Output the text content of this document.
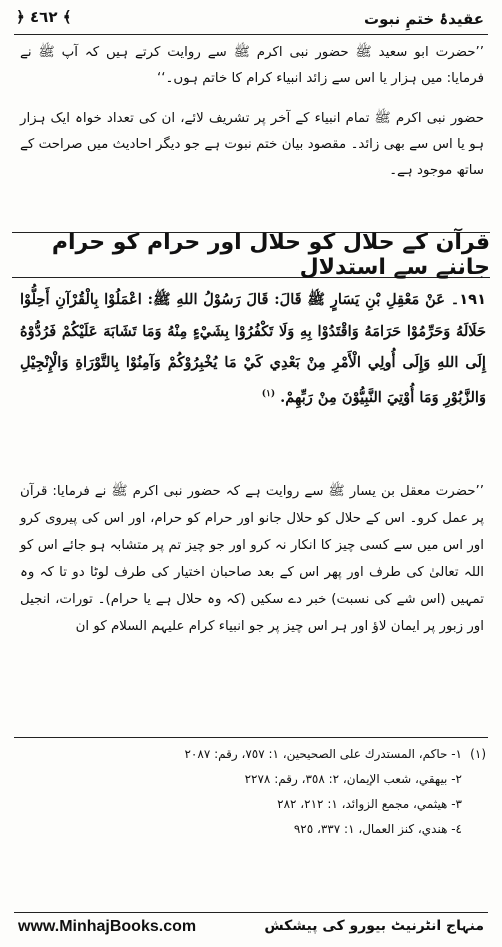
عقیدۂ ختمِ نبوت
﴿ ٤٦٢ ﴾
’’حضرت ابو سعید ﷺ حضور نبی اکرم ﷺ سے روایت کرتے ہیں کہ آپ ﷺ نے فرمایا: میں ہزار یا اس سے زائد انبیاء کرام کا خاتم ہوں۔‘‘
حضور نبی اکرم ﷺ تمام انبیاء کے آخر پر تشریف لائے، ان کی تعداد خواہ ایک ہزار ہو یا اس سے بھی زائد۔ مقصود بیان ختم نبوت ہے جو دیگر احادیث میں صراحت کے ساتھ موجود ہے۔
قرآن کے حلال کو حلال اور حرام کو حرام جاننے سے استدلال
۱۹۱۔ عَنْ مَعْقِلِ بْنِ يَسَارٍ ﷺ قَالَ: قَالَ رَسُوْلُ اللهِ ﷺ: اعْمَلُوْا بِالْقُرْآنِ أَحِلُّوْا حَلَالَهُ وَحَرِّمُوْا حَرَامَهُ وَاقْتَدُوْا بِهِ وَلَا تَكْفُرُوْا بِشَيْءٍ مِنْهُ وَمَا تَشَابَهَ عَلَيْكُمْ فَرُدُّوْهُ إِلَى اللهِ وَإِلَى أُولِي الْأَمْرِ مِنْ بَعْدِي كَيْ مَا يُخْبِرُوْكُمْ وَآمِنُوْا بِالتَّوْرَاةِ وَالْإِنْجِيْلِ وَالزَّبُوْرِ وَمَا أُوْتِيَ النَّبِيُّوْنَ مِنْ رَبِّهِمْ. $^{(١)}$
’’حضرت معقل بن یسار ﷺ سے روایت ہے کہ حضور نبی اکرم ﷺ نے فرمایا: قرآن پر عمل کرو۔ اس کے حلال کو حلال جانو اور حرام کو حرام، اور اس کی پیروی کرو اور اس میں سے کسی چیز کا انکار نہ کرو اور جو چیز تم پر متشابہ ہو جائے اس کو اللہ تعالیٰ کی طرف اور پھر اس کے بعد صاحبان اختیار کی طرف لوٹا دو تا کہ وہ تمہیں (اس شے کی نسبت) خبر دے سکیں (کہ وہ حلال ہے یا حرام)۔ تورات، انجیل اور زبور پر ایمان لاؤ اور ہر اس چیز پر جو انبیاء کرام علیہم السلام کو ان
(١)
١- حاكم، المستدرك على الصحيحين، ١: ٧٥٧، رقم: ٢٠٨٧
٢- بيهقي، شعب الإيمان، ٢: ٣٥٨، رقم: ٢٢٧٨
٣- هيثمي، مجمع الزوائد، ١: ٢١٢، ٢٨٢
٤- هندي، كنز العمال، ١: ٣٣٧، ٩٢٥
منہاج انٹرنیٹ بیورو کی پیشکش
www.MinhajBooks.com
